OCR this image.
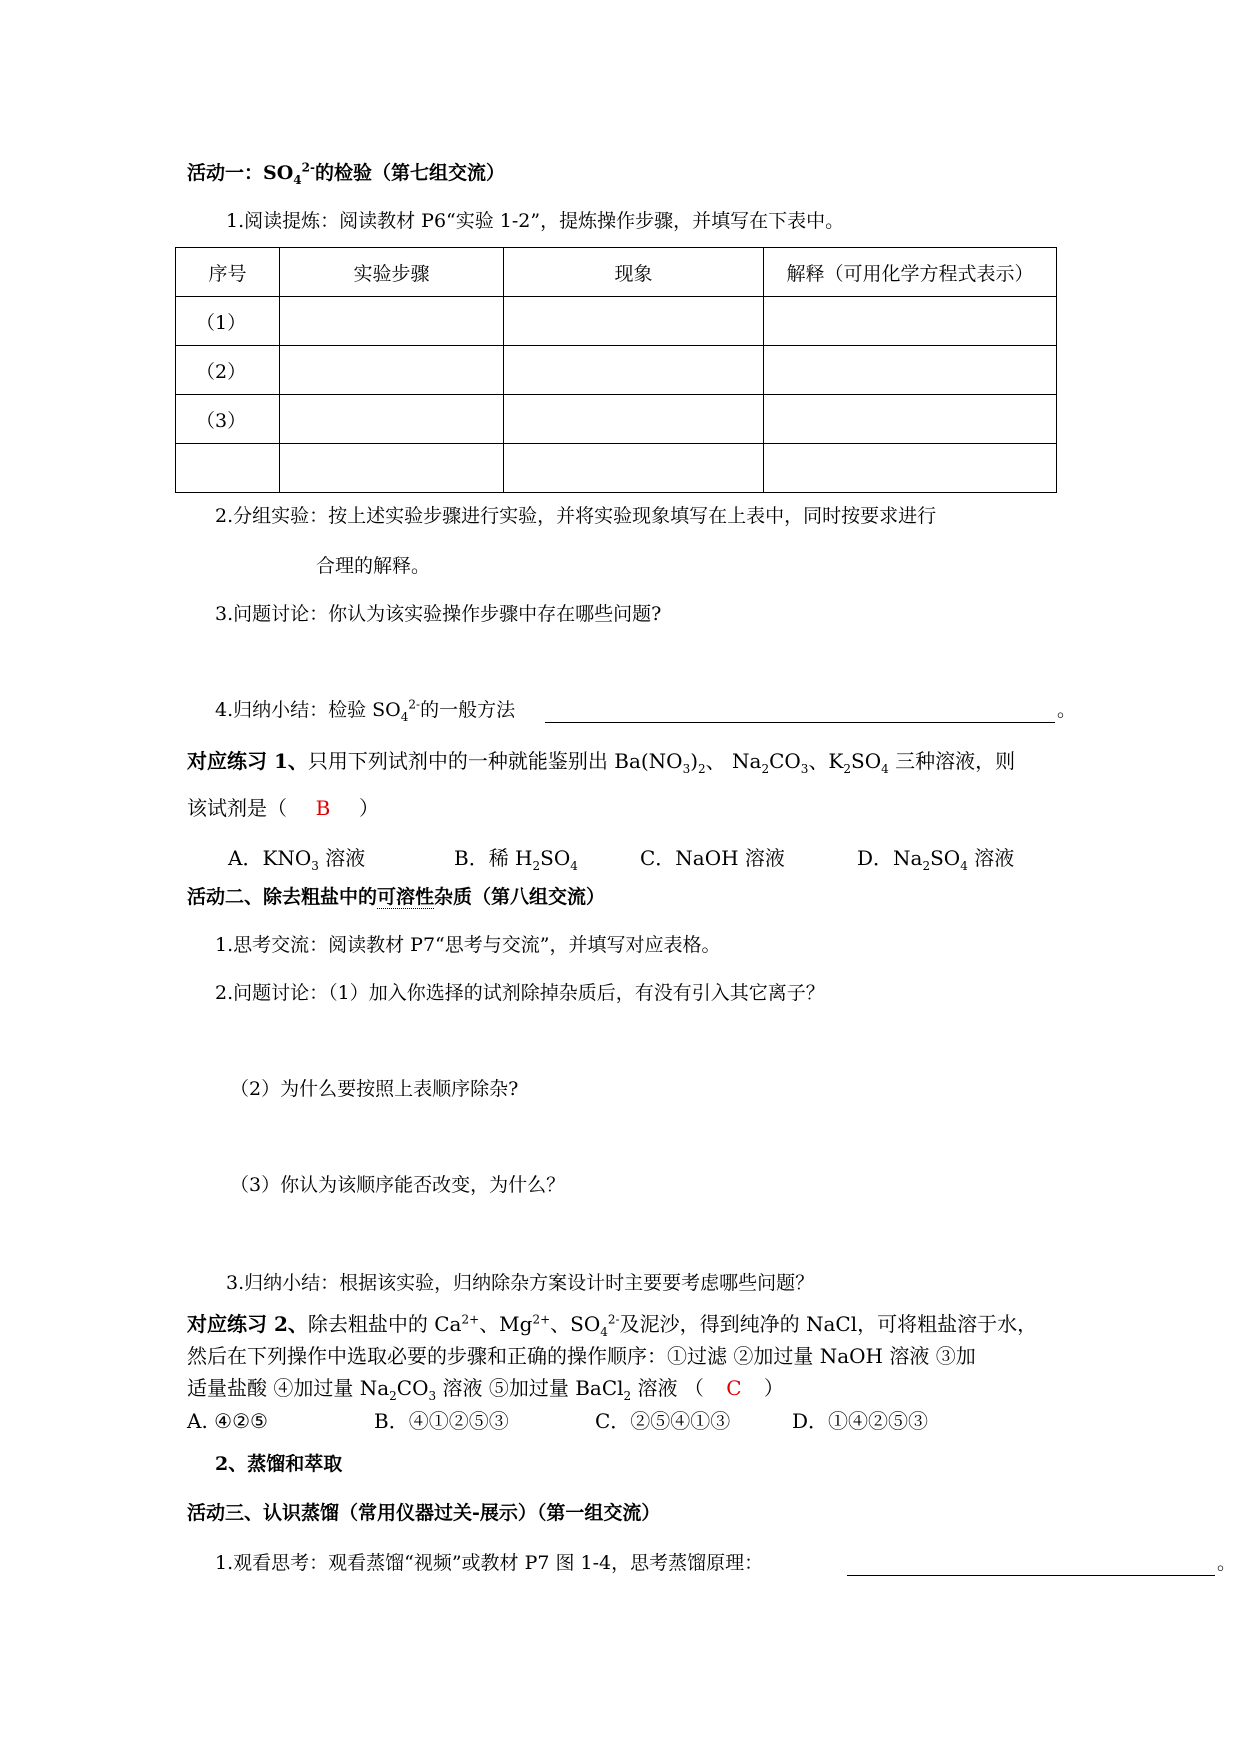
活动一：$SO_4^{2-}$的检验（第七组交流）
1.阅读提炼：阅读教材 P6“实验 1-2”，提炼操作步骤，并填写在下表中。
序号	实验步骤	现象	解释（可用化学方程式表示）
（1）			
（2）			
（3）			

2.分组实验：按上述实验步骤进行实验，并将实验现象填写在上表中，同时按要求进行
合理的解释。
3.问题讨论：你认为该实验操作步骤中存在哪些问题?
4.归纳小结：检验 $SO_4^{2-}$的一般方法	。
对应练习 1、只用下列试剂中的一种就能鉴别出 $Ba(NO_3)_2$、 $Na_2CO_3$、$K_2SO_4$ 三种溶液，则
该试剂是（ B ）
A．$KNO_3$ 溶液	B．稀 $H_2SO_4$	C．NaOH 溶液	D．$Na_2SO_4$ 溶液
活动二、除去粗盐中的可溶性杂质（第八组交流）
1.思考交流：阅读教材 P7“思考与交流”，并填写对应表格。
2.问题讨论：（1）加入你选择的试剂除掉杂质后，有没有引入其它离子？
（2）为什么要按照上表顺序除杂?
（3）你认为该顺序能否改变，为什么？
3.归纳小结：根据该实验，归纳除杂方案设计时主要要考虑哪些问题？
对应练习 2、除去粗盐中的 $Ca^{2+}$、$Mg^{2+}$、$SO_4^{2-}$及泥沙，得到纯净的 NaCl，可将粗盐溶于水，
然后在下列操作中选取必要的步骤和正确的操作顺序：①过滤 ②加过量 NaOH 溶液 ③加
适量盐酸 ④加过量 $Na_2CO_3$ 溶液 ⑤加过量 BaCl$_2$ 溶液 （ C ）
A. ④②⑤	B．④①②⑤③	C．②⑤④①③	D．①④②⑤③
2、蒸馏和萃取
活动三、认识蒸馏（常用仪器过关-展示）（第一组交流）
1.观看思考：观看蒸馏“视频”或教材 P7 图 1-4，思考蒸馏原理：	。
